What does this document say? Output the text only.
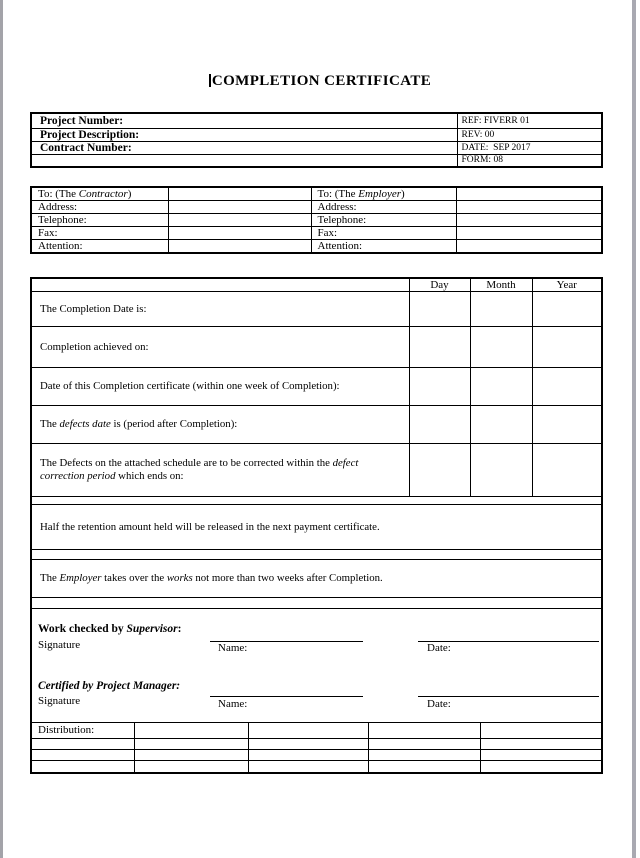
COMPLETION CERTIFICATE
Project Number:	REF: FIVERR 01
Project Description:	REV: 00
Contract Number:	DATE:  SEP 2017
	FORM: 08
To: (The Contractor)		To: (The Employer)	
Address:		Address:	
Telephone:		Telephone:	
Fax:		Fax:	
Attention:		Attention:	
	Day	Month	Year
The Completion Date is:			
Completion achieved on:			
Date of this Completion certificate (within one week of Completion):			
The defects date is (period after Completion):			
The Defects on the attached schedule are to be corrected within the defect correction period which ends on:			

Half the retention amount held will be released in the next payment certificate.

The Employer takes over the works not more than two weeks after Completion.

Work checked by Supervisor:
Signature	Name:	Date:
Certified by Project Manager:
Signature	Name:	Date:

Distribution:				
